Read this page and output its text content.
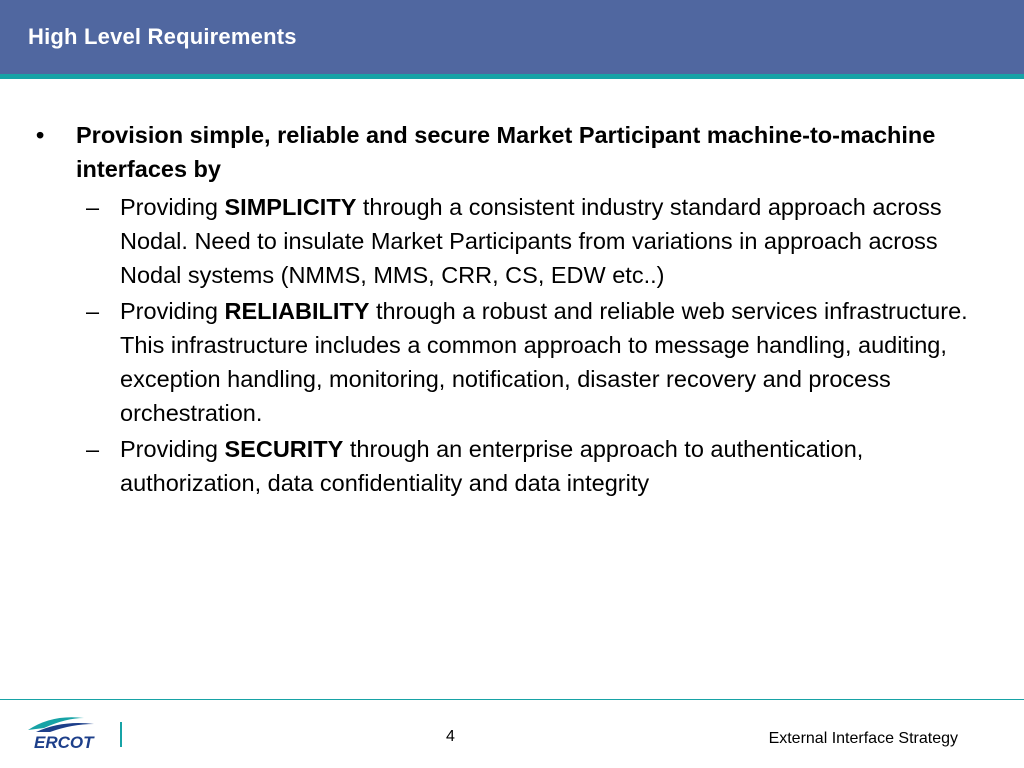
High Level Requirements
• Provision simple, reliable and secure Market Participant machine-to-machine interfaces by
– Providing SIMPLICITY through a consistent industry standard approach across Nodal. Need to insulate Market Participants from variations in approach across Nodal systems (NMMS, MMS, CRR, CS, EDW etc..)
– Providing RELIABILITY through a robust and reliable web services infrastructure. This infrastructure includes a common approach to message handling, auditing, exception handling, monitoring, notification, disaster recovery and process orchestration.
– Providing SECURITY through an enterprise approach to authentication, authorization, data confidentiality and data integrity
ERCOT	4	External Interface Strategy
